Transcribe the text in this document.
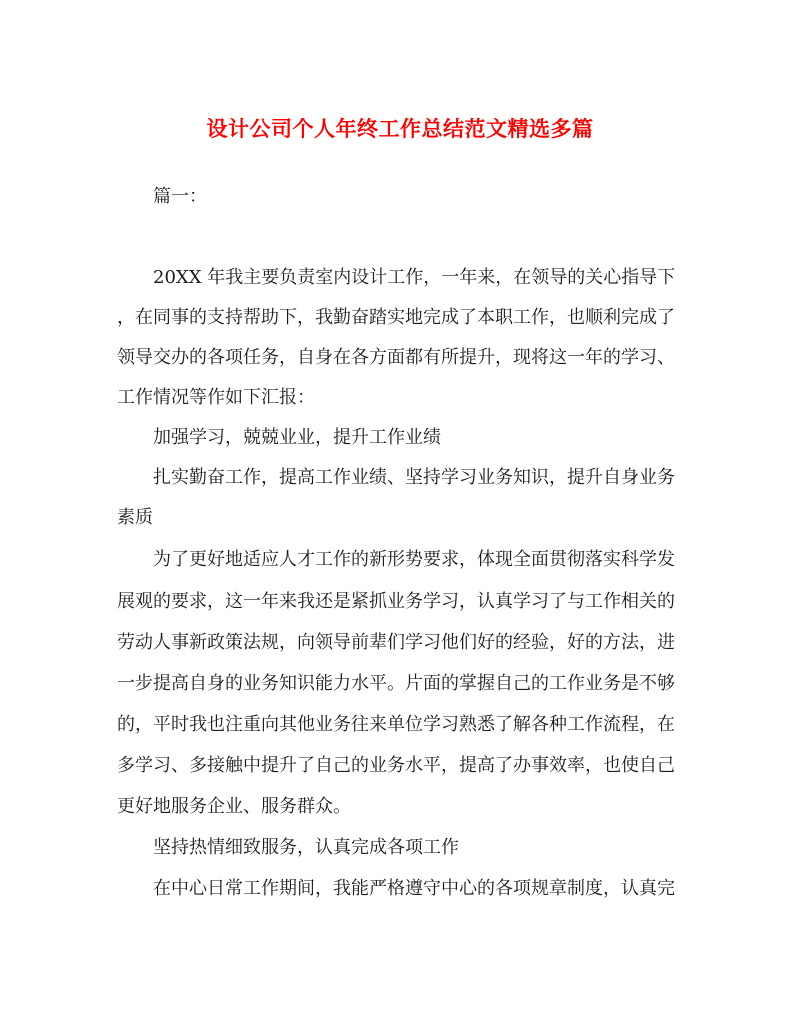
设计公司个人年终工作总结范文精选多篇

篇一：

20XX 年我主要负责室内设计工作，一年来，在领导的关心指导下

，在同事的支持帮助下，我勤奋踏实地完成了本职工作，也顺利完成了

领导交办的各项任务，自身在各方面都有所提升，现将这一年的学习、

工作情况等作如下汇报：

加强学习，兢兢业业，提升工作业绩

扎实勤奋工作，提高工作业绩、坚持学习业务知识，提升自身业务

素质

为了更好地适应人才工作的新形势要求，体现全面贯彻落实科学发

展观的要求，这一年来我还是紧抓业务学习，认真学习了与工作相关的

劳动人事新政策法规，向领导前辈们学习他们好的经验，好的方法，进

一步提高自身的业务知识能力水平。片面的掌握自己的工作业务是不够

的，平时我也注重向其他业务往来单位学习熟悉了解各种工作流程，在

多学习、多接触中提升了自己的业务水平，提高了办事效率，也使自己

更好地服务企业、服务群众。

坚持热情细致服务，认真完成各项工作

在中心日常工作期间，我能严格遵守中心的各项规章制度，认真完
